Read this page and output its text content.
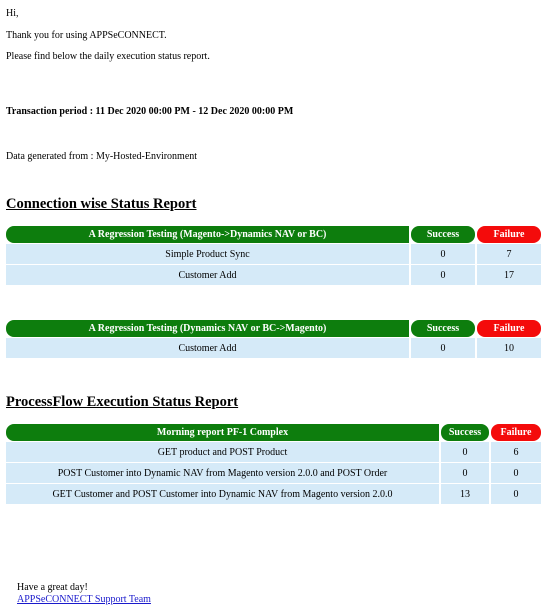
Hi,

Thank you for using APPSeCONNECT.

Please find below the daily execution status report.

Transaction period : 11 Dec 2020 00:00 PM - 12 Dec 2020 00:00 PM

Data generated from : My-Hosted-Environment

Connection wise Status Report
A Regression Testing (Magento->Dynamics NAV or BC)	Success	Failure
Simple Product Sync	0	7
Customer Add	0	17
A Regression Testing (Dynamics NAV or BC->Magento)	Success	Failure
Customer Add	0	10
ProcessFlow Execution Status Report
Morning report PF-1 Complex	Success	Failure
GET product and POST Product	0	6
POST Customer into Dynamic NAV from Magento version 2.0.0 and POST Order	0	0
GET Customer and POST Customer into Dynamic NAV from Magento version 2.0.0	13	0

Have a great day!

APPSeCONNECT Support Team
